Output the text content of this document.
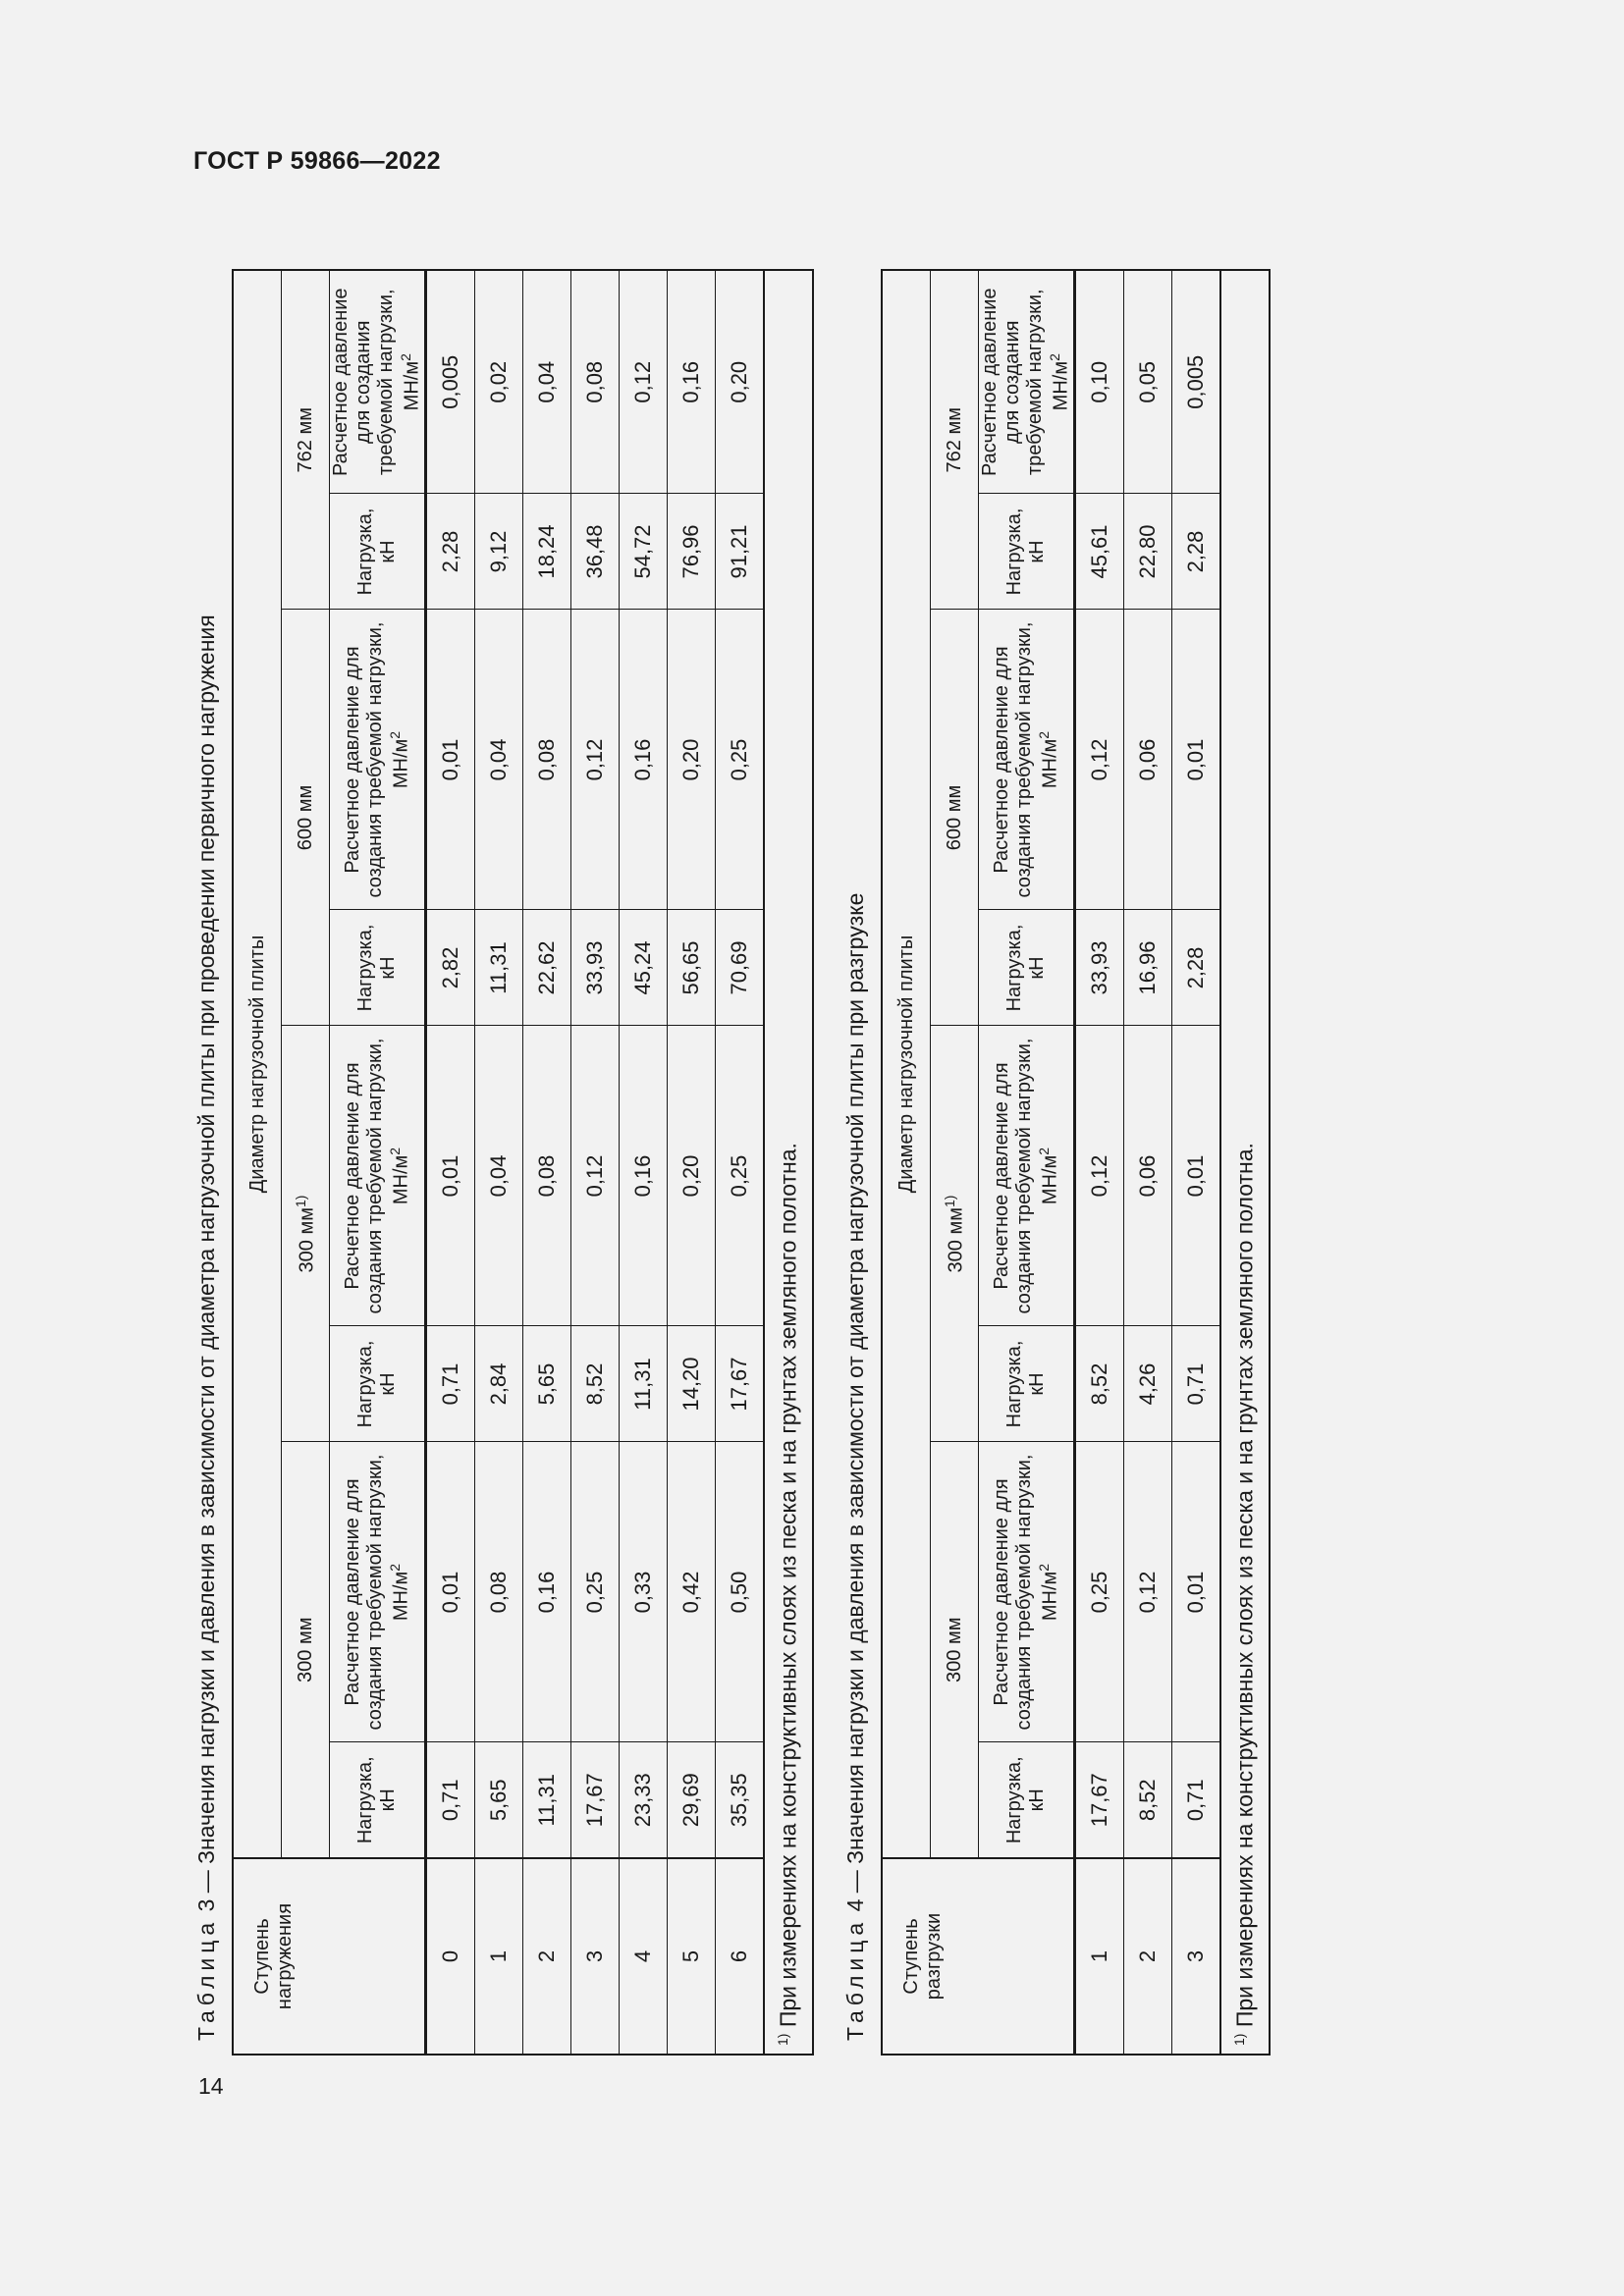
ГОСТ Р 59866—2022
14
Таблица 3 — Значения нагрузки и давления в зависимости от диаметра нагрузочной плиты при проведении первичного нагружения
Ступень нагружения	Диаметр нагрузочной плиты							
	300 мм		300 $мм^{1)}$		600 мм		762 мм	
	Нагрузка, кН	Расчетное давление для создания требуемой нагрузки, $МН/м^2$	Нагрузка, кН	Расчетное давление для создания требуемой нагрузки, $МН/м^2$	Нагрузка, кН	Расчетное давление для создания требуемой нагрузки, $МН/м^2$	Нагрузка, кН	Расчетное давление для создания требуемой нагрузки, $МН/м^2$
0	0,71	0,01	0,71	0,01	2,82	0,01	2,28	0,005
1	5,65	0,08	2,84	0,04	11,31	0,04	9,12	0,02
2	11,31	0,16	5,65	0,08	22,62	0,08	18,24	0,04
3	17,67	0,25	8,52	0,12	33,93	0,12	36,48	0,08
4	23,33	0,33	11,31	0,16	45,24	0,16	54,72	0,12
5	29,69	0,42	14,20	0,20	56,65	0,20	76,96	0,16
6	35,35	0,50	17,67	0,25	70,69	0,25	91,21	0,20
$^{1)}$ При измерениях на конструктивных слоях из песка и на грунтах земляного полотна.								Таблица 4 — Значения нагрузки и давления в зависимости от диаметра нагрузочной плиты при разгрузке
Ступень разгрузки	Диаметр нагрузочной плиты							
	300 мм		300 $мм^{1)}$		600 мм		762 мм	
	Нагрузка, кН	Расчетное давление для создания требуемой нагрузки, $МН/м^2$	Нагрузка, кН	Расчетное давление для создания требуемой нагрузки, $МН/м^2$	Нагрузка, кН	Расчетное давление для создания требуемой нагрузки, $МН/м^2$	Нагрузка, кН	Расчетное давление для создания требуемой нагрузки, $МН/м^2$
1	17,67	0,25	8,52	0,12	33,93	0,12	45,61	0,10
2	8,52	0,12	4,26	0,06	16,96	0,06	22,80	0,05
3	0,71	0,01	0,71	0,01	2,28	0,01	2,28	0,005
$^{1)}$ При измерениях на конструктивных слоях из песка и на грунтах земляного полотна.								
